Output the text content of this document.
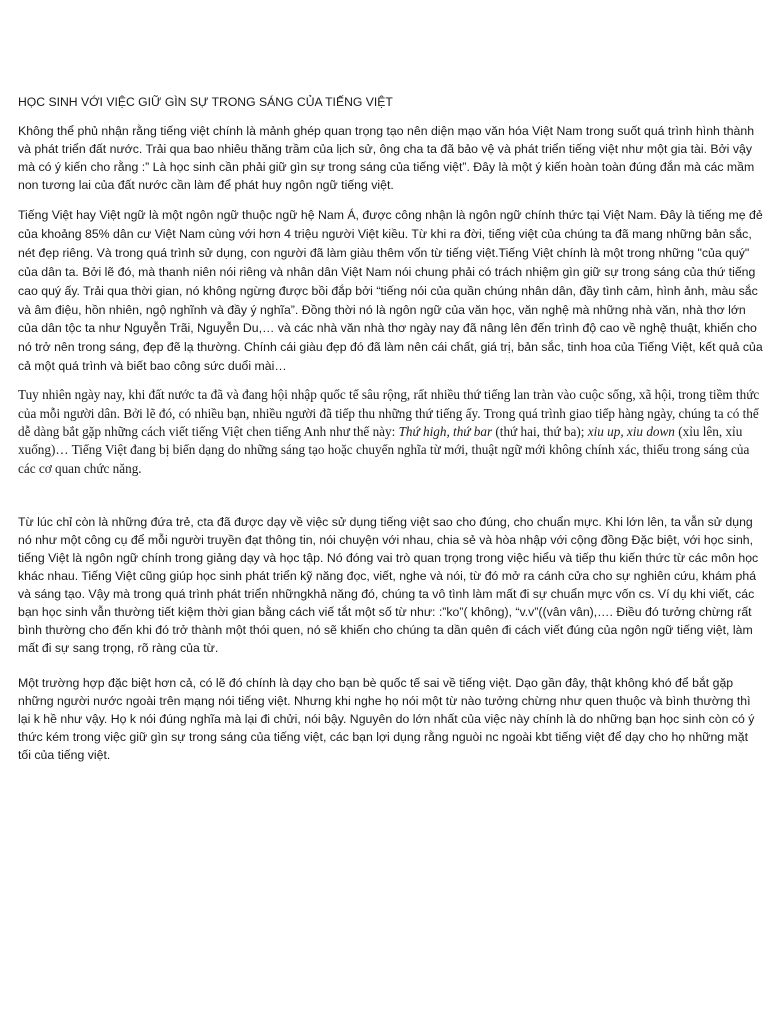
HỌC SINH VỚI VIỆC GIỮ GÌN SỰ TRONG SÁNG CỦA TIẾNG VIỆT

Không thể phủ nhận rằng tiếng việt chính là mảnh ghép quan trọng tạo nên diện mạo văn hóa Việt Nam trong suốt quá trình hình thành và phát triển đất nước. Trải qua bao nhiêu thăng trầm của lịch sử, ông cha ta đã bảo vệ và phát triển tiếng việt như một gia tài. Bởi vậy mà có ý kiến cho rằng :” Là học sinh cần phải giữ gìn sự trong sáng của tiếng việt”. Đây là một ý kiến hoàn toàn đúng đắn mà các mầm non tương lai của đất nước cần làm để phát huy ngôn ngữ tiếng việt.

Tiếng Việt hay Việt ngữ là một ngôn ngữ thuộc ngữ hệ Nam Á, được công nhận là ngôn ngữ chính thức tại Việt Nam. Đây là tiếng mẹ đẻ của khoảng 85% dân cư Việt Nam cùng với hơn 4 triệu người Việt kiều. Từ khi ra đời, tiếng việt của chúng ta đã mang những bản sắc, nét đẹp riêng. Và trong quá trình sử dụng, con người đã làm giàu thêm vốn từ tiếng việt.Tiếng Việt chính là một trong những "của quý" của dân ta. Bởi lẽ đó, mà thanh niên nói riêng và nhân dân Việt Nam nói chung phải có trách nhiệm gìn giữ sự trong sáng của thứ tiếng cao quý ấy. Trải qua thời gian, nó không ngừng được bồi đắp bởi “tiếng nói của quần chúng nhân dân, đầy tình cảm, hình ảnh, màu sắc và âm điệu, hồn nhiên, ngộ nghĩnh và đầy ý nghĩa”. Đồng thời nó là ngôn ngữ của văn học, văn nghệ mà những nhà văn, nhà thơ lớn của dân tộc ta như Nguyễn Trãi, Nguyễn Du,… và các nhà văn nhà thơ ngày nay đã nâng lên đến trình độ cao về nghệ thuật, khiến cho nó trở nên trong sáng, đẹp đẽ lạ thường. Chính cái giàu đẹp đó đã làm nên cái chất, giá trị, bản sắc, tinh hoa của Tiếng Việt, kết quả của cả một quá trình và biết bao công sức duổi mài…

Tuy nhiên ngày nay, khi đất nước ta đã và đang hội nhập quốc tế sâu rộng, rất nhiều thứ tiếng lan tràn vào cuộc sống, xã hội, trong tiềm thức của mỗi người dân. Bởi lẽ đó, có nhiều bạn, nhiều người đã tiếp thu những thứ tiếng ấy. Trong quá trình giao tiếp hàng ngày, chúng ta có thể dễ dàng bắt gặp những cách viết tiếng Việt chen tiếng Anh như thế này: Thứ high, thứ bar (thứ hai, thứ ba); xiu up, xiu down (xỉu lên, xỉu xuống)… Tiếng Việt đang bị biến dạng do những sáng tạo hoặc chuyển nghĩa từ mới, thuật ngữ mới không chính xác, thiếu trong sáng của các cơ quan chức năng.

Từ lúc chỉ còn là những đứa trẻ, cta đã được dạy về việc sử dụng tiếng việt sao cho đúng, cho chuẩn mực. Khi lớn lên, ta vẫn sử dụng nó như một công cụ để mỗi người truyền đạt thông tin, nói chuyện với nhau, chia sẻ và hòa nhập với cộng đồng Đặc biệt, với học sinh, tiếng Việt là ngôn ngữ chính trong giảng dạy và học tập. Nó đóng vai trò quan trọng trong việc hiểu và tiếp thu kiến thức từ các môn học khác nhau. Tiếng Việt cũng giúp học sinh phát triển kỹ năng đọc, viết, nghe và nói, từ đó mở ra cánh cửa cho sự nghiên cứu, khám phá và sáng tạo. Vậy mà trong quá trình phát triển nhữngkhả năng đó, chúng ta vô tình làm mất đi sự chuẩn mực vốn cs. Ví dụ khi viết, các bạn học sinh vẫn thường tiết kiệm thời gian bằng cách viế tắt một số từ như: :”ko”( không), “v.v”((vân vân),…. Điều đó tưởng chừng rất bình thường cho đến khi đó trở thành một thói quen, nó sẽ khiến cho chúng ta dần quên đi cách viết đúng của ngôn ngữ tiếng việt, làm mất đi sự sang trọng, rõ ràng của từ.

Một trường hợp đặc biệt hơn cả, có lẽ đó chính là dạy cho bạn bè quốc tế sai về tiếng việt. Dạo gần đây, thật không khó để bắt gặp những người nước ngoài trên mạng nói tiếng việt. Nhưng khi nghe họ nói một từ nào tưởng chừng như quen thuộc và bình thường thì lại k hề như vậy. Họ k nói đúng nghĩa mà lại đi chửi, nói bậy. Nguyên do lớn nhất của việc này chính là do những bạn học sinh còn có ý thức kém trong việc giữ gìn sự trong sáng của tiếng việt, các bạn lợi dụng rằng nguòi nc ngoài kbt tiếng việt để dạy cho họ những mặt tối của tiếng việt.
